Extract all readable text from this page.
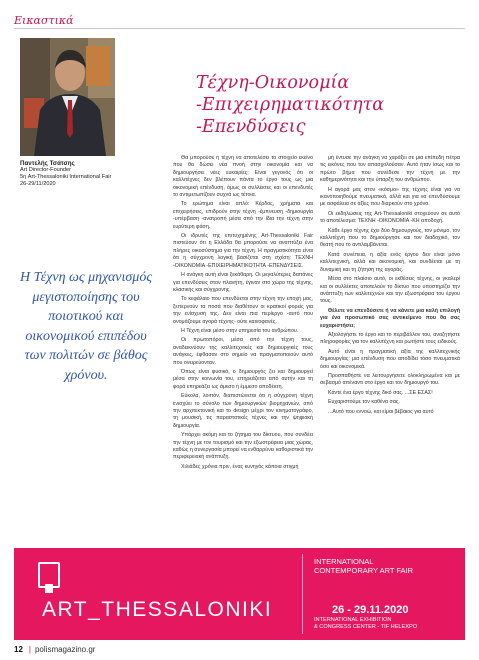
Εικαστικά
Παντελής Τσάτσης
Art Director-Founder
5η Art-Thessaloniki International Fair
26-29/11/2020
Τέχνη-Οικονομία
-Επιχειρηματικότητα
-Επενδύσεις
Η Τέχνη ως μηχανισμός μεγιστοποίησης του ποιοτικού και οικονομικού επιπέδου των πολιτών σε βάθος χρόνου.

Θα μπορούσε η τέχνη να αποτελέσει το στοιχείο εκείνο που θα δώσει νέα πνοή στην οικονομία και να δημιουργήσει νέες ευκαιρίες; Είναι γεγονός ότι οι καλλιτέχνες δεν βλέπουν πάντα το έργο τους ως μια οικονομική επένδυση, όμως οι συλλέκτες και οι επενδυτές το αντιμετωπίζουν συχνά ως τέτοια.

Το ερώτημα είναι απλό: Κέρδος, χρήματα και επιχειρήσεις, επιδρούν στην τέχνη -έμπνευση -δημιουργία -υπέρβαση -ανατροπή μέσα από την ίδια την τέχνη στην ευρύτερη φάση.

Οι ιδρυτές της επιτυχημένης Art-Thessaloniki Fair πιστεύουν ότι η Ελλάδα θα μπορούσε να αναπτύξει ένα πλήρες οικοσύστημα για την τέχνη. Η πραγματικότητα είναι ότι η σύγχρονη λογική βασίζεται στη σχέση: ΤΕΧΝΗ -ΟΙΚΟΝΟΜΙΑ -ΕΠΙΧΕΙΡΗΜΑΤΙΚΟΤΗΤΑ -ΕΠΕΝΔΥΣΕΙΣ.

Η ανάγκη αυτή είναι ξεκάθαρη. Οι μεγαλύτερες δαπάνες για επενδύσεις στον πλανήτη, έγιναν στο χώρο της τέχνης, κλασικής και σύγχρονης.

Το κεφάλαιο που επενδύεται στην τέχνη την εποχή μας, ξεπερνούν τα ποσά που διαθέτουν οι κρατικοί φορείς για την ενίσχυσή της. Δεν είναι πια περίεργο -αυτό που ονομάζουμε αγορά τέχνης- ούτε καινοφανές.

Η Τέχνη είναι μέσο στην υπηρεσία του ανθρώπου.

Οι πρωτοπόροι, μέσα από την τέχνη τους, αναδεικνύουν της καλλιτεχνικές και δημιουργικές τους ανάγκες, έφθασαν στο σημείο να πραγματοποιούν αυτό που ονειρεύονταν.

Όπως είναι φυσικό, ο δημιουργός ζει και δημιουργεί μέσα στην κοινωνία του, επηρεάζεται από αυτήν και τη φορά επηρεάζει ως άμεσο ή έμμεσο αποδέκτη.

Εύκολα, λοιπόν, διαπιστώνεται ότι η σύγχρονη τέχνη ενισχύει το σύνολο των δημιουργικών βιομηχανιών, από την αρχιτεκτονική και το design μέχρι τον κινηματογράφο, τη μουσική, τις παραστατικές τέχνες και την ψηφιακή δημιουργία.

Υπάρχει ακόμη και το ζήτημα του δίκτυου, που συνδέει την τέχνη με τον τουρισμό και την εξωστρέφεια μιας χώρας, καθώς η συνεργασία μπορεί να ενθαρρύνει καθοριστικά την περιφερειακή ανάπτυξη.

Χιλιάδες χρόνια πριν, ένας κυνηγός κάποια στιγμή

μή έντυσε την ανάγκη να χαράξει σε μια επίπεδη πέτρα τις εικόνες που τον απασχολούσαν. Αυτό ήταν ίσως και το πρώτο βήμα που συνέδεσε την τέχνη με την καθημερινότητα και την ύπαρξη του ανθρώπου.

Η αγορά μας στον «κόσμο» της τέχνης είναι για να ικανοποιηθούμε πνευματικά, αλλά και για να επενδύσουμε με ασφάλεια σε αξίες που διαρκούν στο χρόνο.

Οι εκδηλώσεις της Art-Thessaloniki στοχεύουν σε αυτό το αποτέλεσμα: ΤΕΧΝΗ -ΟΙΚΟΝΟΜΙΑ -ΚΗ αποδοχή.

Κάθε έργο τέχνης έχει δύο δημιουργούς, τον μόνιμο, τον καλλιτέχνη που το δημιούργησε και τον διαδοχικό, τον θεατή που το αντιλαμβάνεται.

Κατά συνέπεια, η αξία ενός έργου δεν είναι μόνο καλλιτεχνική, αλλά και οικονομική, και συνδέεται με τη δυναμική και τη ζήτηση της αγοράς.

Μέσα στο πλαίσιο αυτό, οι εκθέσεις τέχνης, οι γκαλερί και οι συλλέκτες αποτελούν το δίκτυο που υποστηρίζει την ανάπτυξη των καλλιτεχνών και την εξωστρέφεια του έργου τους.

Θέλετε να επενδύσετε ή να κάνετε μια καλή επιλογή για ένα προσωπικό σας αντικείμενο που θα σας ευχαριστήσει;

Αξιολογήστε το έργο και το περιβάλλον του, αναζητήστε πληροφορίες για τον καλλιτέχνη και ρωτήστε τους ειδικούς.

Αυτό είναι η πραγματική αξία της καλλιτεχνικής δημιουργίας: μια επένδυση που αποδίδει τόσο πνευματικά όσο και οικονομικά.

Προσπαθήστε να λειτουργήσετε ολοκληρωμένα και με σεβασμό απέναντι στο έργο και τον δημιουργό του.

Κάντε ένα έργο τέχνης δικό σας. ...ΣΕ ΕΣΑΣ!

Ευχαριστούμε τον καθένα σας.

...Αυτό που εννοώ, και είμαι βέβαιος για αυτό

ART_THESSALONIKI
INTERNATIONAL
CONTEMPORARY ART FAIR
26 - 29.11.2020
INTERNATIONAL EXHIBITION
& CONGRESS CENTER - TIF HELEXPO
12 | polismagazino.gr
